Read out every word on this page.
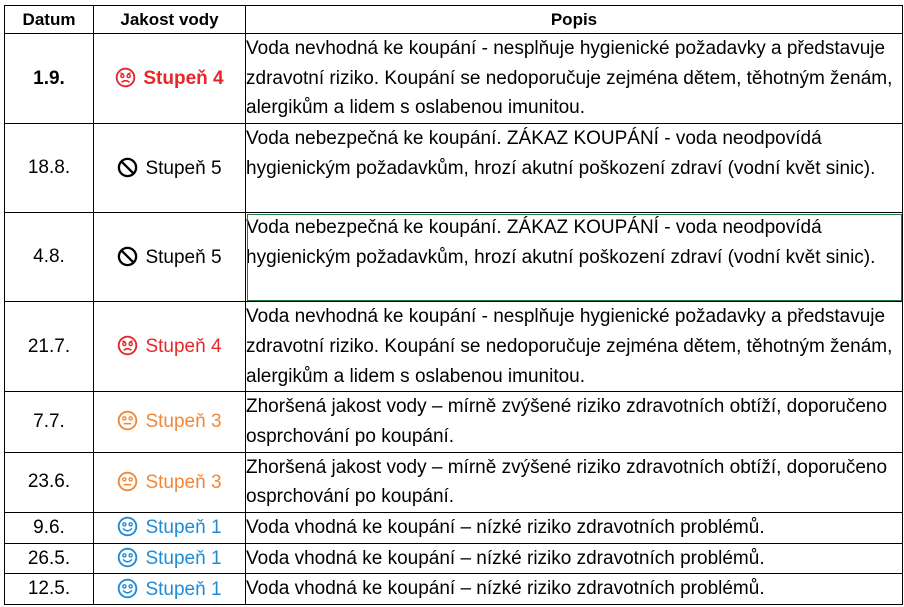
Datum	Jakost vody	Popis
1.9.	Stupeň 4	Voda nevhodná ke koupání - nesplňuje hygienické požadavky a představuje zdravotní riziko. Koupání se nedoporučuje zejména dětem, těhotným ženám, alergikům a lidem s oslabenou imunitou.
18.8.	Stupeň 5	Voda nebezpečná ke koupání. ZÁKAZ KOUPÁNÍ - voda neodpovídá hygienickým požadavkům, hrozí akutní poškození zdraví (vodní květ sinic).
4.8.	Stupeň 5	Voda nebezpečná ke koupání. ZÁKAZ KOUPÁNÍ - voda neodpovídá hygienickým požadavkům, hrozí akutní poškození zdraví (vodní květ sinic).
21.7.	Stupeň 4	Voda nevhodná ke koupání - nesplňuje hygienické požadavky a představuje zdravotní riziko. Koupání se nedoporučuje zejména dětem, těhotným ženám, alergikům a lidem s oslabenou imunitou.
7.7.	Stupeň 3	Zhoršená jakost vody – mírně zvýšené riziko zdravotních obtíží, doporučeno osprchování po koupání.
23.6.	Stupeň 3	Zhoršená jakost vody – mírně zvýšené riziko zdravotních obtíží, doporučeno osprchování po koupání.
9.6.	Stupeň 1	Voda vhodná ke koupání – nízké riziko zdravotních problémů.
26.5.	Stupeň 1	Voda vhodná ke koupání – nízké riziko zdravotních problémů.
12.5.	Stupeň 1	Voda vhodná ke koupání – nízké riziko zdravotních problémů.
